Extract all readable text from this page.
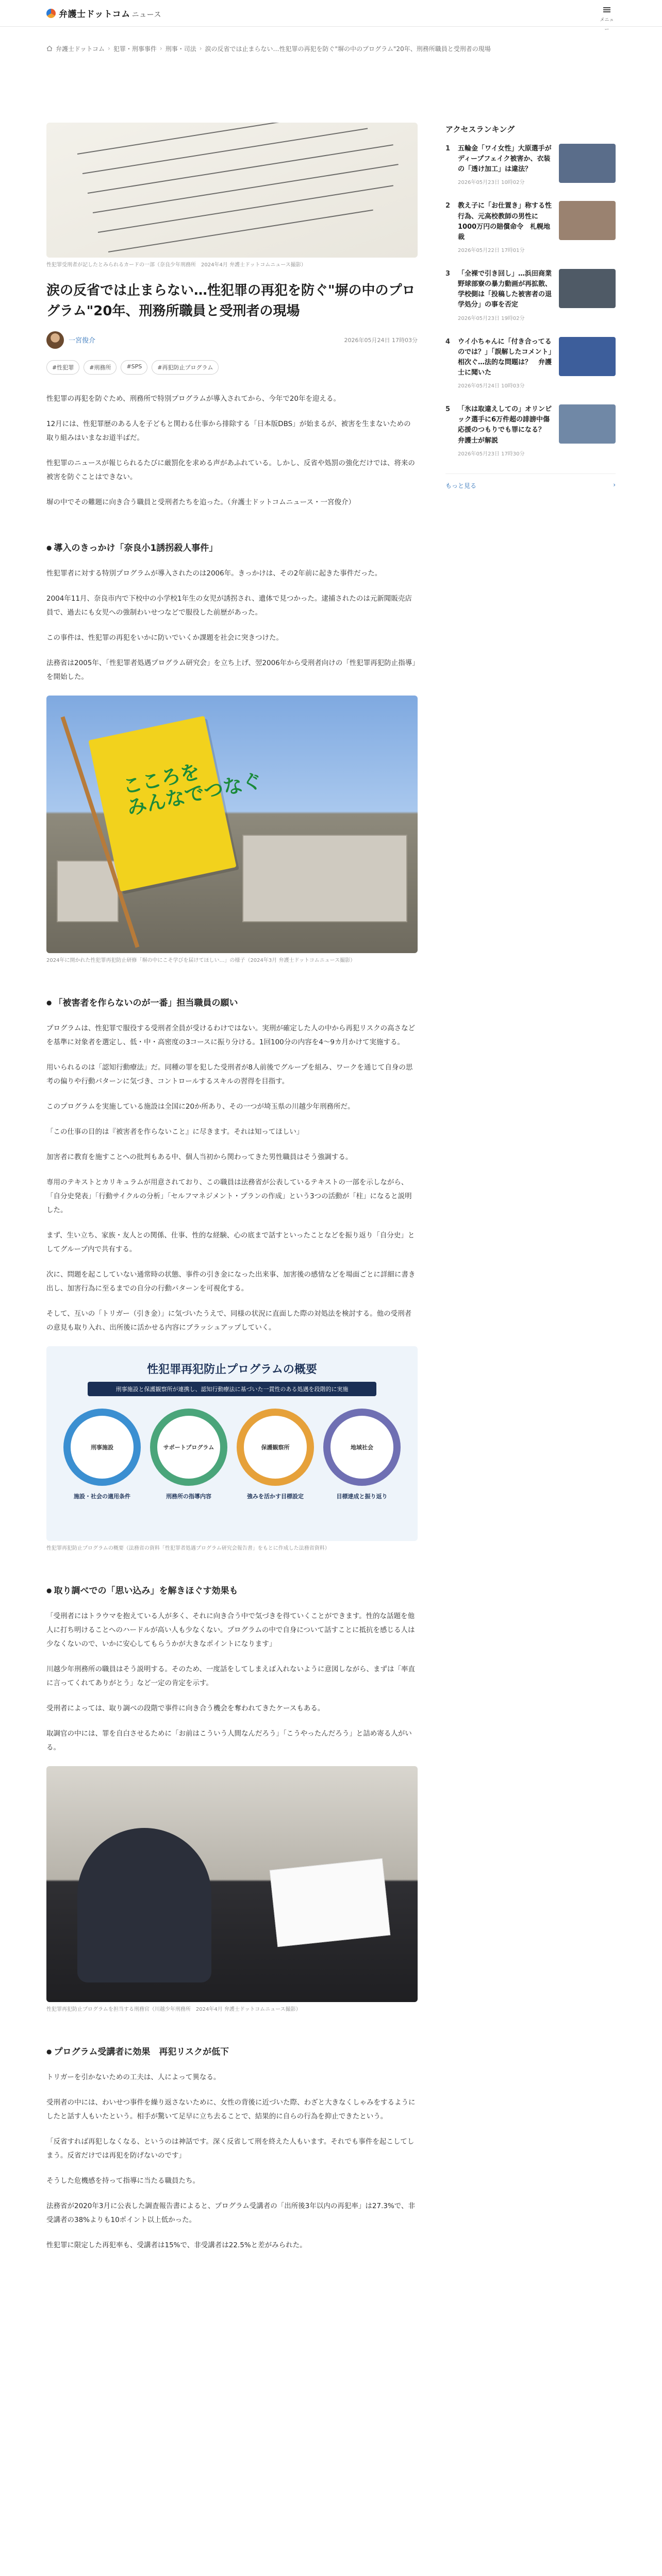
弁護士ドットコム ニュース
メニュー
弁護士ドットコム › 犯罪・刑事事件 › 刑事・司法 › 涙の反省では止まらない…性犯罪の再犯を防ぐ"塀の中のプログラム"20年、刑務所職員と受刑者の現場

性犯罪受刑者が記したとみられるカードの一部（奈良少年刑務所　2024年4月 弁護士ドットコムニュース撮影）

涙の反省では止まらない…性犯罪の再犯を防ぐ"塀の中のプログラム"20年、刑務所職員と受刑者の現場
一宮俊介	2026年05月24日 17時03分
#性犯罪	#刑務所	#SPS	#再犯防止プログラム

性犯罪の再犯を防ぐため、刑務所で特別プログラムが導入されてから、今年で20年を迎える。

12月には、性犯罪歴のある人を子どもと関わる仕事から排除する「日本版DBS」が始まるが、被害を生まないための取り組みはいまなお道半ばだ。

性犯罪のニュースが報じられるたびに厳罰化を求める声があふれている。しかし、反省や処罰の強化だけでは、将来の被害を防ぐことはできない。

塀の中でその難題に向き合う職員と受刑者たちを追った。（弁護士ドットコムニュース・一宮俊介）

● 導入のきっかけ「奈良小1誘拐殺人事件」

性犯罪者に対する特別プログラムが導入されたのは2006年。きっかけは、その2年前に起きた事件だった。

2004年11月、奈良市内で下校中の小学校1年生の女児が誘拐され、遺体で見つかった。逮捕されたのは元新聞販売店員で、過去にも女児への強制わいせつなどで服役した前歴があった。

この事件は、性犯罪の再犯をいかに防いでいくか課題を社会に突きつけた。

法務省は2005年、「性犯罪者処遇プログラム研究会」を立ち上げ、翌2006年から受刑者向けの「性犯罪再犯防止指導」を開始した。

こころを
みんなでつなぐ

2024年に開かれた性犯罪再犯防止研修「塀の中にこそ学びを届けてほしい…」の様子（2024年3月 弁護士ドットコムニュース撮影）

● 「被害者を作らないのが一番」担当職員の願い

プログラムは、性犯罪で服役する受刑者全員が受けるわけではない。実刑が確定した人の中から再犯リスクの高さなどを基準に対象者を選定し、低・中・高密度の3コースに振り分ける。1回100分の内容を4〜9カ月かけて実施する。

用いられるのは「認知行動療法」だ。同種の罪を犯した受刑者が8人前後でグループを組み、ワークを通じて自身の思考の偏りや行動パターンに気づき、コントロールするスキルの習得を目指す。

このプログラムを実施している施設は全国に20か所あり、その一つが埼玉県の川越少年刑務所だ。

「この仕事の目的は『被害者を作らないこと』に尽きます。それは知ってほしい」

加害者に教育を施すことへの批判もある中、個人当初から関わってきた男性職員はそう強調する。

専用のテキストとカリキュラムが用意されており、この職員は法務省が公表しているテキストの一部を示しながら、「自分史発表」「行動サイクルの分析」「セルフマネジメント・プランの作成」という3つの活動が「柱」になると説明した。

まず、生い立ち、家族・友人との関係、仕事、性的な経験、心の底まで話すといったことなどを振り返り「自分史」としてグループ内で共有する。

次に、問題を起こしていない通常時の状態、事件の引き金になった出来事、加害後の感情などを場面ごとに詳細に書き出し、加害行為に至るまでの自分の行動パターンを可視化する。

そして、互いの「トリガー（引き金）」に気づいたうえで、同様の状況に直面した際の対処法を検討する。他の受刑者の意見も取り入れ、出所後に活かせる内容にブラッシュアップしていく。

性犯罪再犯防止プログラムの概要
刑事施設と保護観察所が連携し、認知行動療法に基づいた一貫性のある処遇を段階的に実施
刑事施設	サポートプログラム	保護観察所	地域社会
施設・社会の適用条件	刑務所の指導内容	強みを活かす目標設定	目標達成と振り返り

性犯罪再犯防止プログラムの概要（法務省の資料「性犯罪者処遇プログラム研究会報告書」をもとに作成した法務省資料）

● 取り調べでの「思い込み」を解きほぐす効果も

「受刑者にはトラウマを抱えている人が多く、それに向き合う中で気づきを得ていくことができます。性的な話題を他人に打ち明けることへのハードルが高い人も少なくない。プログラムの中で自身について話すことに抵抗を感じる人は少なくないので、いかに安心してもらうかが大きなポイントになります」

川越少年刑務所の職員はそう説明する。そのため、一度話をしてしまえば入れないように意図しながら、まずは「率直に言ってくれてありがとう」など一定の肯定を示す。

受刑者によっては、取り調べの段階で事件に向き合う機会を奪われてきたケースもある。

取調官の中には、罪を自白させるために「お前はこういう人間なんだろう」「こうやったんだろう」と詰め寄る人がいる。

性犯罪再犯防止プログラムを担当する刑務官（川越少年刑務所　2024年4月 弁護士ドットコムニュース撮影）

● プログラム受講者に効果　再犯リスクが低下

トリガーを引かないための工夫は、人によって異なる。

受刑者の中には、わいせつ事件を繰り返さないために、女性の背後に近づいた際、わざと大きなくしゃみをするようにしたと話す人もいたという。相手が驚いて足早に立ち去ることで、結果的に自らの行為を抑止できたという。

「反省すれば再犯しなくなる、というのは神話です。深く反省して刑を終えた人もいます。それでも事件を起こしてしまう。反省だけでは再犯を防げないのです」

そうした危機感を持って指導に当たる職員たち。

法務省が2020年3月に公表した調査報告書によると、プログラム受講者の「出所後3年以内の再犯率」は27.3%で、非受講者の38%よりも10ポイント以上低かった。

性犯罪に限定した再犯率も、受講者は15%で、非受講者は22.5%と差がみられた。

アクセスランキング
1	五輪金「ワイ女性」大原選手がディープフェイク被害か、衣装の「透け加工」は違法？
2026年05月23日 10時02分
2	教え子に「お仕置き」称する性行為、元高校教師の男性に1000万円の賠償命令　札幌地裁
2026年05月22日 17時01分
3	「全裸で引き回し」…浜田商業野球部寮の暴力動画が再拡散、学校側は「投稿した被害者の退学処分」の事を否定
2026年05月23日 19時02分
4	ウイ小ちゃんに「付き合ってるのでは？」「誤解したコメント」相次ぐ…法的な問題は？　弁護士に聞いた
2026年05月24日 10時03分
5	「氷は取違えしての」オリンピック選手に6万件超の誹謗中傷　応援のつもりでも罪になる？　弁護士が解説
2026年05月23日 17時30分
もっと見る	›
